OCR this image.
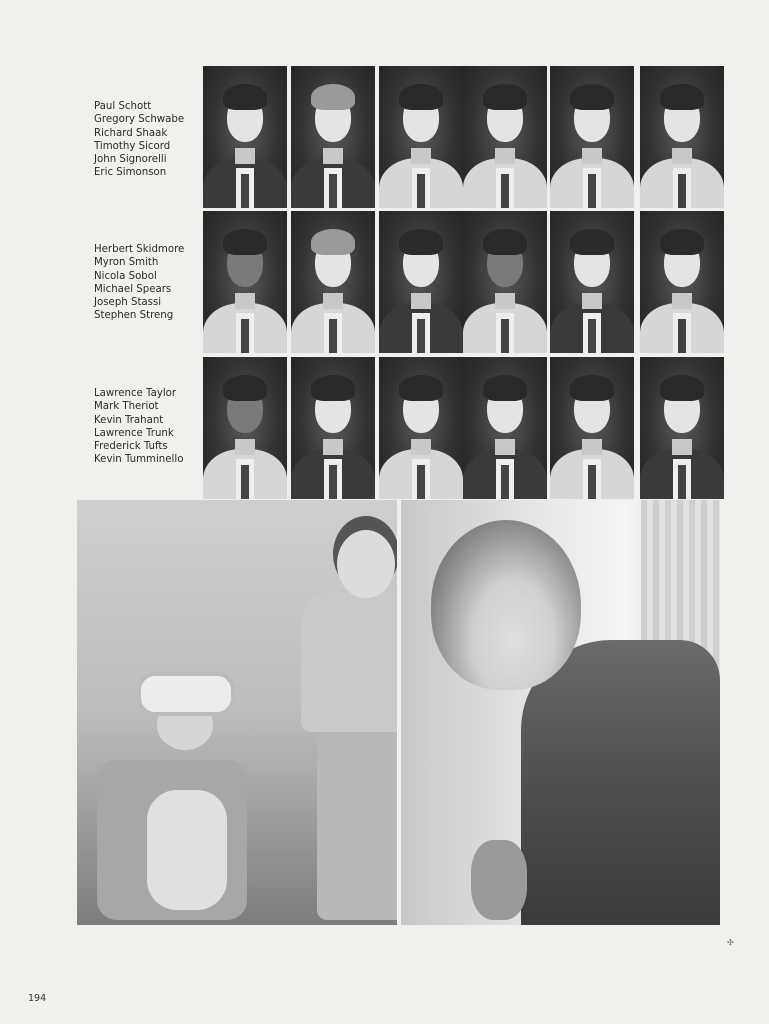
Paul Schott
Gregory Schwabe
Richard Shaak
Timothy Sicord
John Signorelli
Eric Simonson
Herbert Skidmore
Myron Smith
Nicola Sobol
Michael Spears
Joseph Stassi
Stephen Streng
Lawrence Taylor
Mark Theriot
Kevin Trahant
Lawrence Trunk
Frederick Tufts
Kevin Tumminello
✣
194
